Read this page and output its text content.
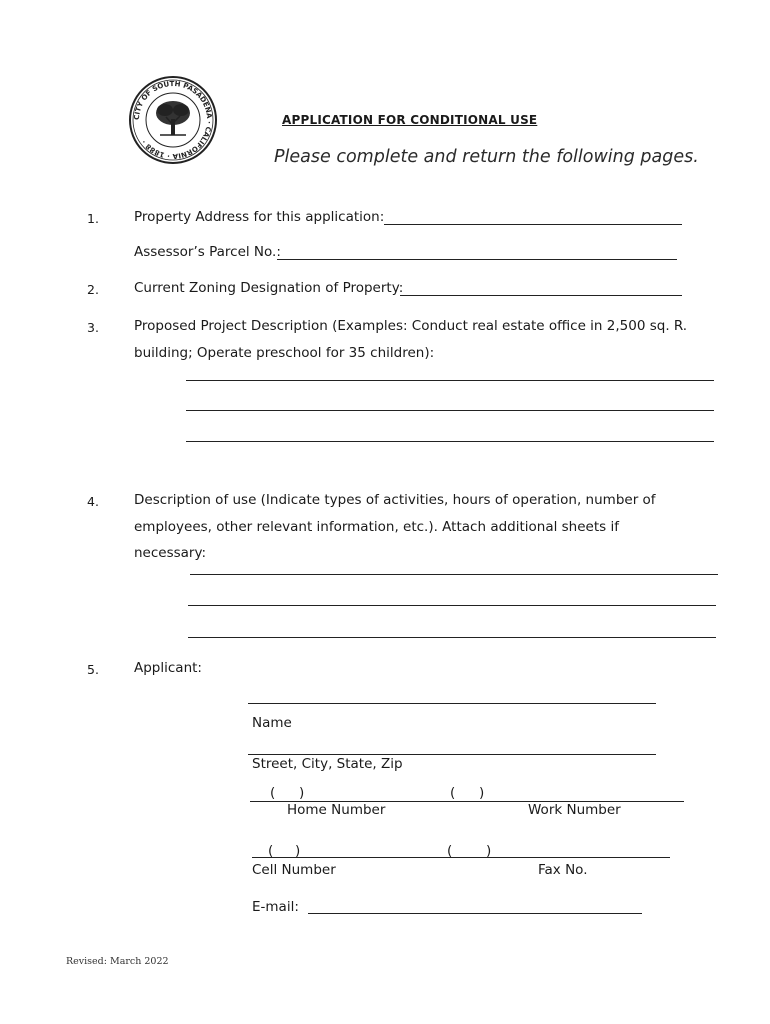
CITY OF SOUTH PASADENA · CALIFORNIA · 1888 ·
APPLICATION FOR CONDITIONAL USE
Please complete and return the following pages.
1.	Property Address for this application:
Assessor’s Parcel No.:
2.	Current Zoning Designation of Property:
3.	Proposed Project Description (Examples: Conduct real estate office in 2,500 sq. R.
building; Operate preschool for 35 children):
4.	Description of use (Indicate types of activities, hours of operation, number of
employees, other relevant information, etc.). Attach additional sheets if
necessary:
5.	Applicant:
Name
Street, City, State, Zip
( )	( )
Home Number	Work Number
( )	( )
Cell Number	Fax No.
E-mail:
Revised: March 2022
